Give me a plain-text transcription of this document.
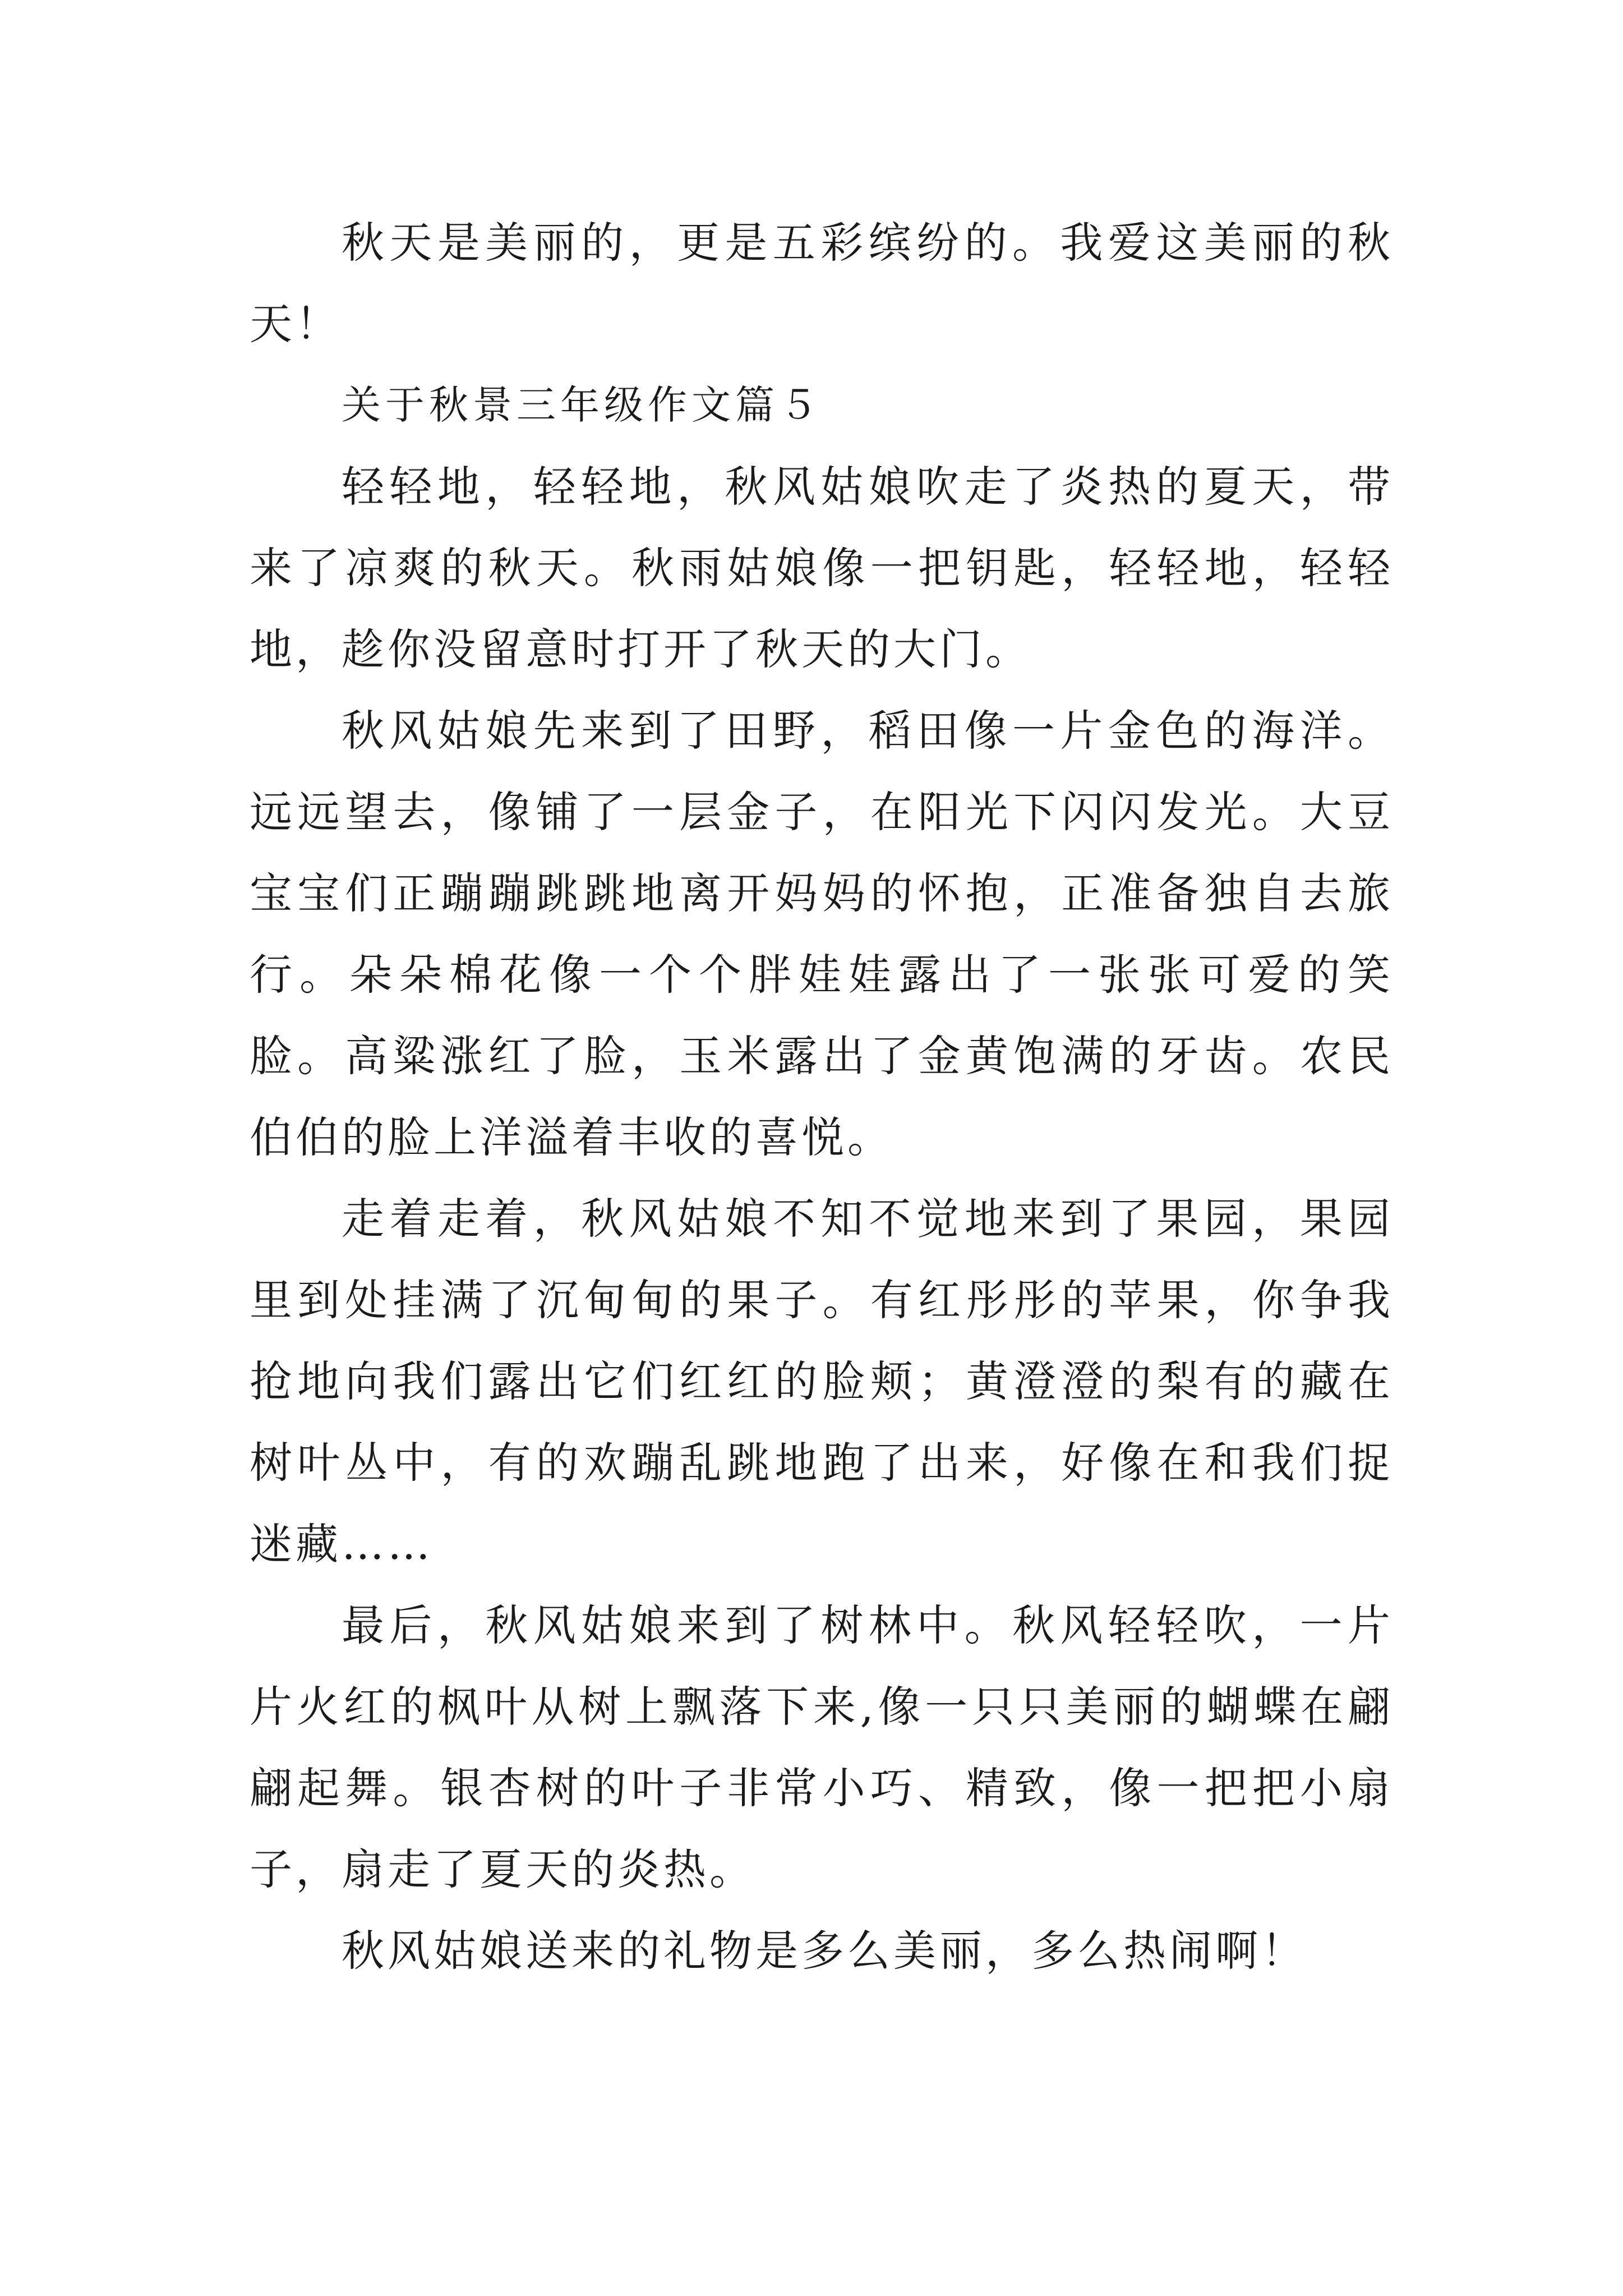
秋天是美丽的，更是五彩缤纷的。我爱这美丽的秋天！

关于秋景三年级作文篇５

轻轻地，轻轻地，秋风姑娘吹走了炎热的夏天，带来了凉爽的秋天。秋雨姑娘像一把钥匙，轻轻地，轻轻地，趁你没留意时打开了秋天的大门。

秋风姑娘先来到了田野，稻田像一片金色的海洋。远远望去，像铺了一层金子，在阳光下闪闪发光。大豆宝宝们正蹦蹦跳跳地离开妈妈的怀抱，正准备独自去旅行。朵朵棉花像一个个胖娃娃露出了一张张可爱的笑脸。高粱涨红了脸，玉米露出了金黄饱满的牙齿。农民伯伯的脸上洋溢着丰收的喜悦。

走着走着，秋风姑娘不知不觉地来到了果园，果园里到处挂满了沉甸甸的果子。有红彤彤的苹果，你争我抢地向我们露出它们红红的脸颊；黄澄澄的梨有的藏在树叶丛中，有的欢蹦乱跳地跑了出来，好像在和我们捉迷藏……

最后，秋风姑娘来到了树林中。秋风轻轻吹，一片片火红的枫叶从树上飘落下来,像一只只美丽的蝴蝶在翩翩起舞。银杏树的叶子非常小巧、精致，像一把把小扇子，扇走了夏天的炎热。

秋风姑娘送来的礼物是多么美丽，多么热闹啊！
